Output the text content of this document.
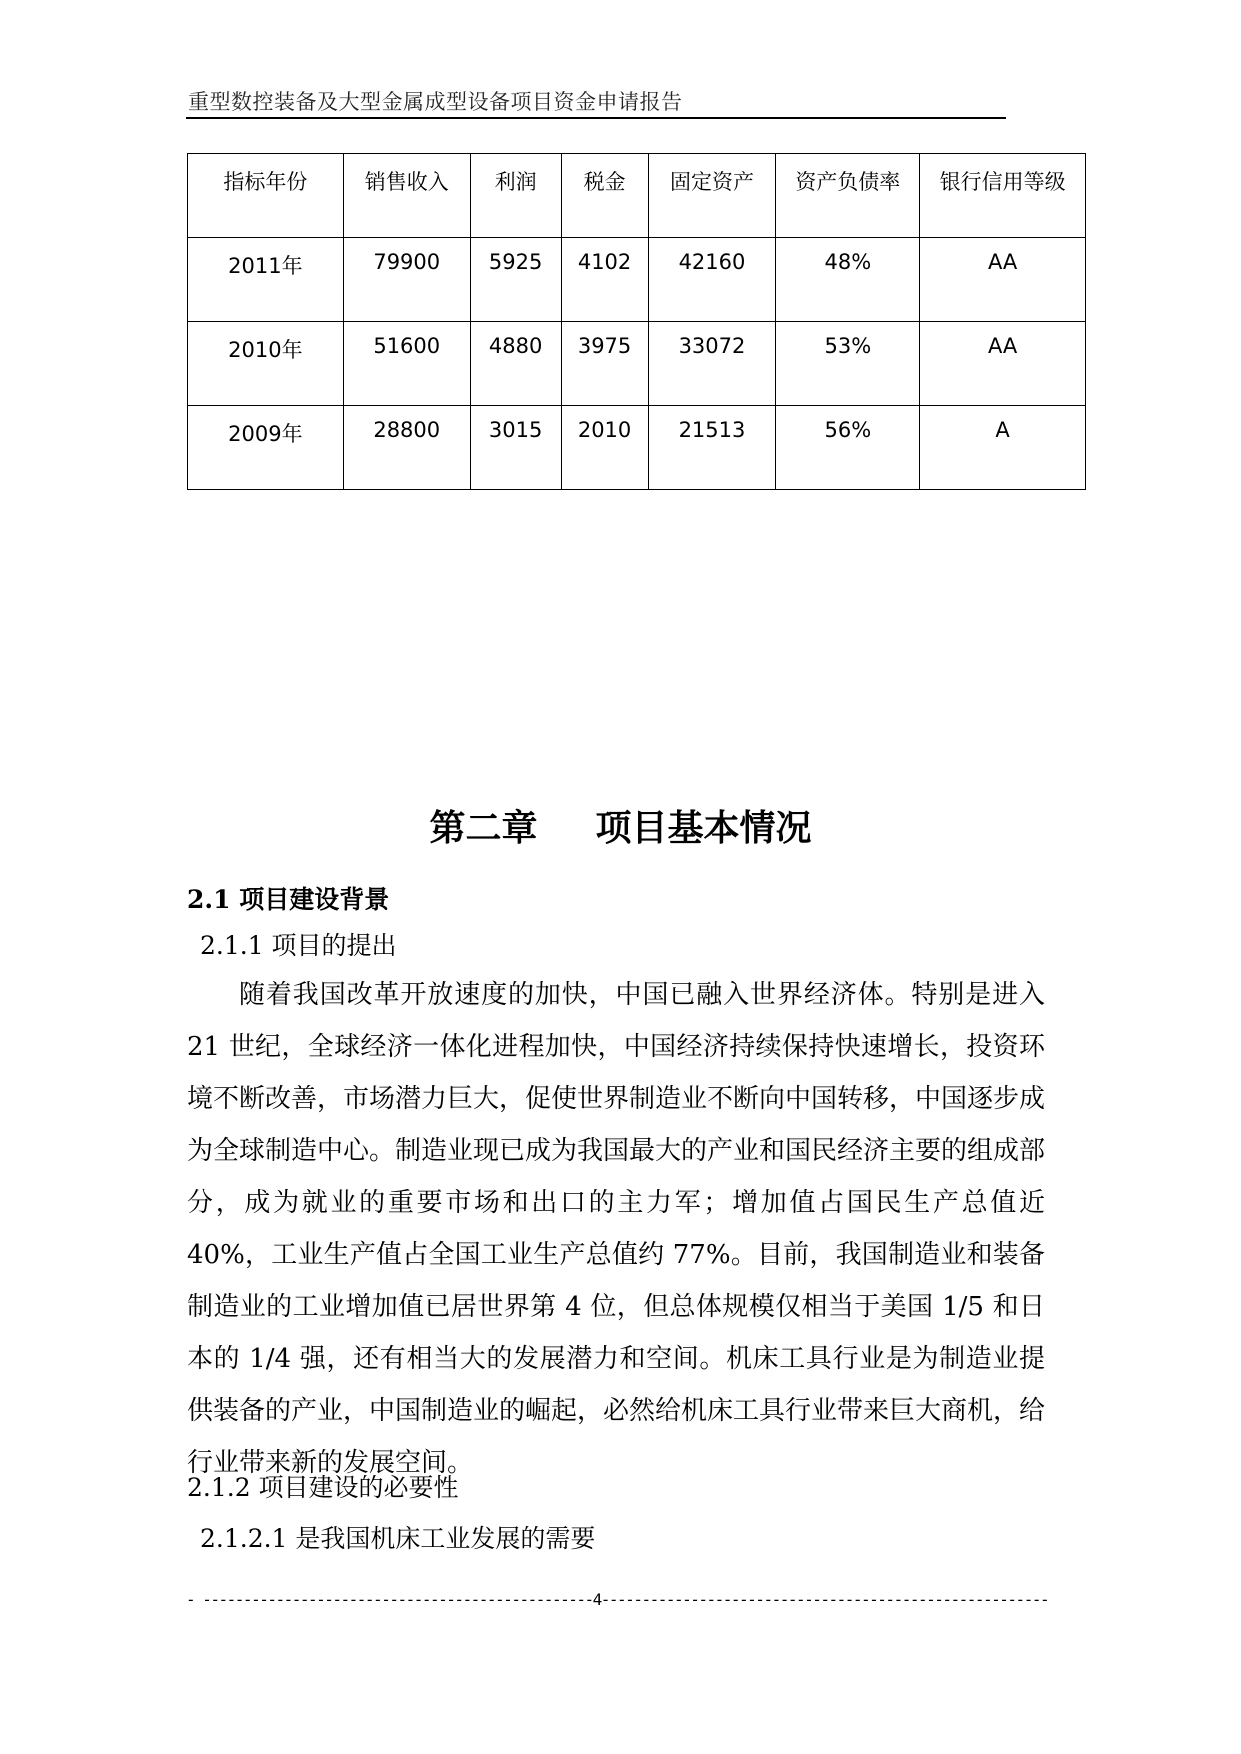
重型数控装备及大型金属成型设备项目资金申请报告
指标年份	销售收入	利润	税金	固定资产	资产负债率	银行信用等级
2011年	79900	5925	4102	42160	48%	AA
2010年	51600	4880	3975	33072	53%	AA
2009年	28800	3015	2010	21513	56%	A
第二章 项目基本情况
2.1 项目建设背景
2.1.1 项目的提出
随着我国改革开放速度的加快，中国已融入世界经济体。特别是进入 21 世纪，全球经济一体化进程加快，中国经济持续保持快速增长，投资环境不断改善，市场潜力巨大，促使世界制造业不断向中国转移，中国逐步成为全球制造中心。制造业现已成为我国最大的产业和国民经济主要的组成部分，成为就业的重要市场和出口的主力军；增加值占国民生产总值近 40%，工业生产值占全国工业生产总值约 77%。目前，我国制造业和装备制造业的工业增加值已居世界第 4 位，但总体规模仅相当于美国 1/5 和日本的 1/4 强，还有相当大的发展潜力和空间。机床工具行业是为制造业提供装备的产业，中国制造业的崛起，必然给机床工具行业带来巨大商机，给行业带来新的发展空间。
2.1.2 项目建设的必要性
2.1.2.1 是我国机床工业发展的需要
- ------------------------------------------------4-------------------------------------------------------
